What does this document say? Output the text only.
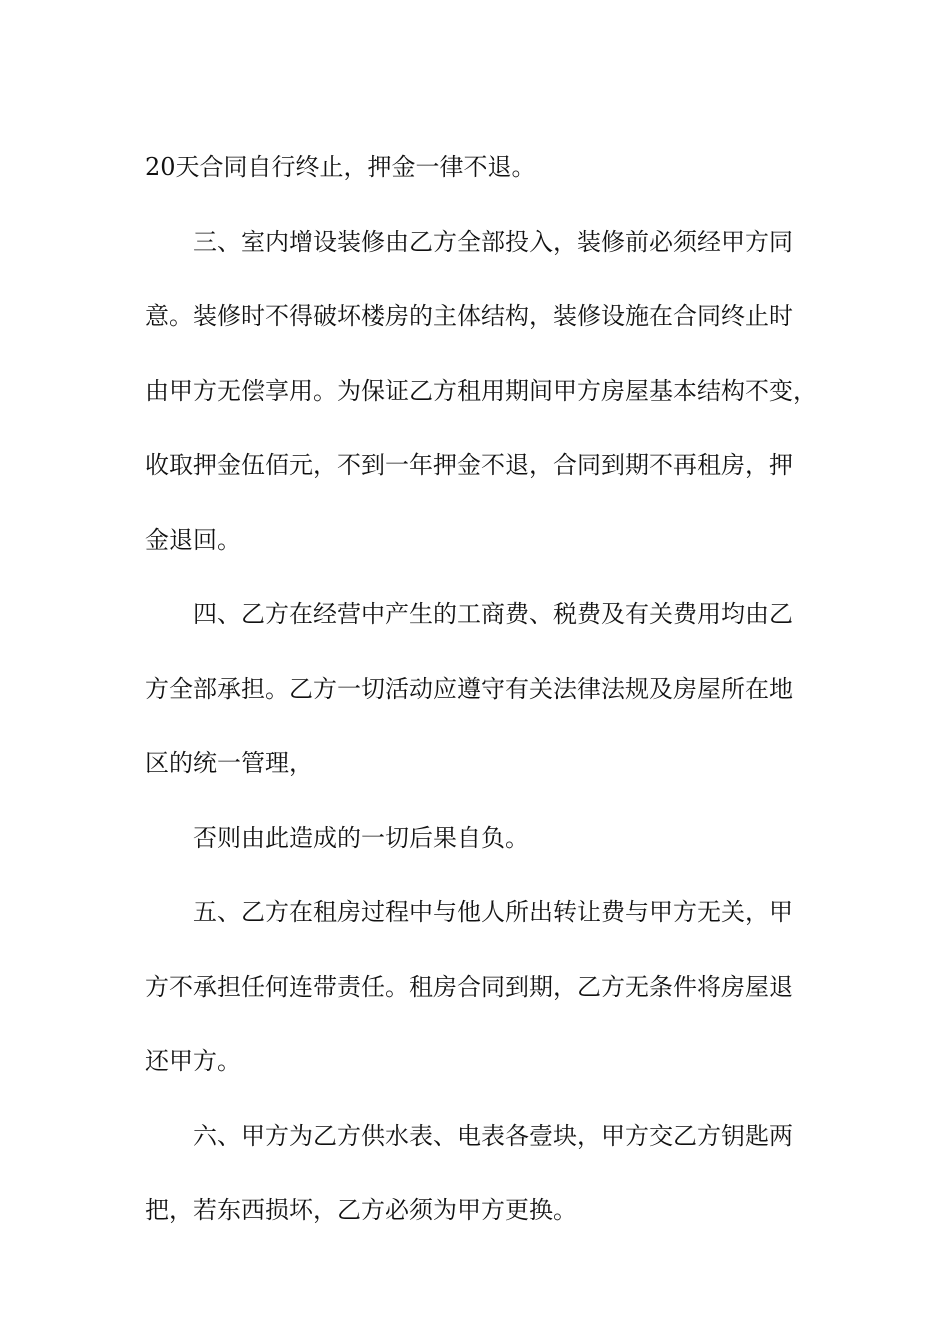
20天合同自行终止，押金一律不退。
三、室内增设装修由乙方全部投入，装修前必须经甲方同
意。装修时不得破坏楼房的主体结构，装修设施在合同终止时
由甲方无偿享用。为保证乙方租用期间甲方房屋基本结构不变，
收取押金伍佰元，不到一年押金不退，合同到期不再租房，押
金退回。
四、乙方在经营中产生的工商费、税费及有关费用均由乙
方全部承担。乙方一切活动应遵守有关法律法规及房屋所在地
区的统一管理，
否则由此造成的一切后果自负。
五、乙方在租房过程中与他人所出转让费与甲方无关，甲
方不承担任何连带责任。租房合同到期，乙方无条件将房屋退
还甲方。
六、甲方为乙方供水表、电表各壹块，甲方交乙方钥匙两
把，若东西损坏，乙方必须为甲方更换。
